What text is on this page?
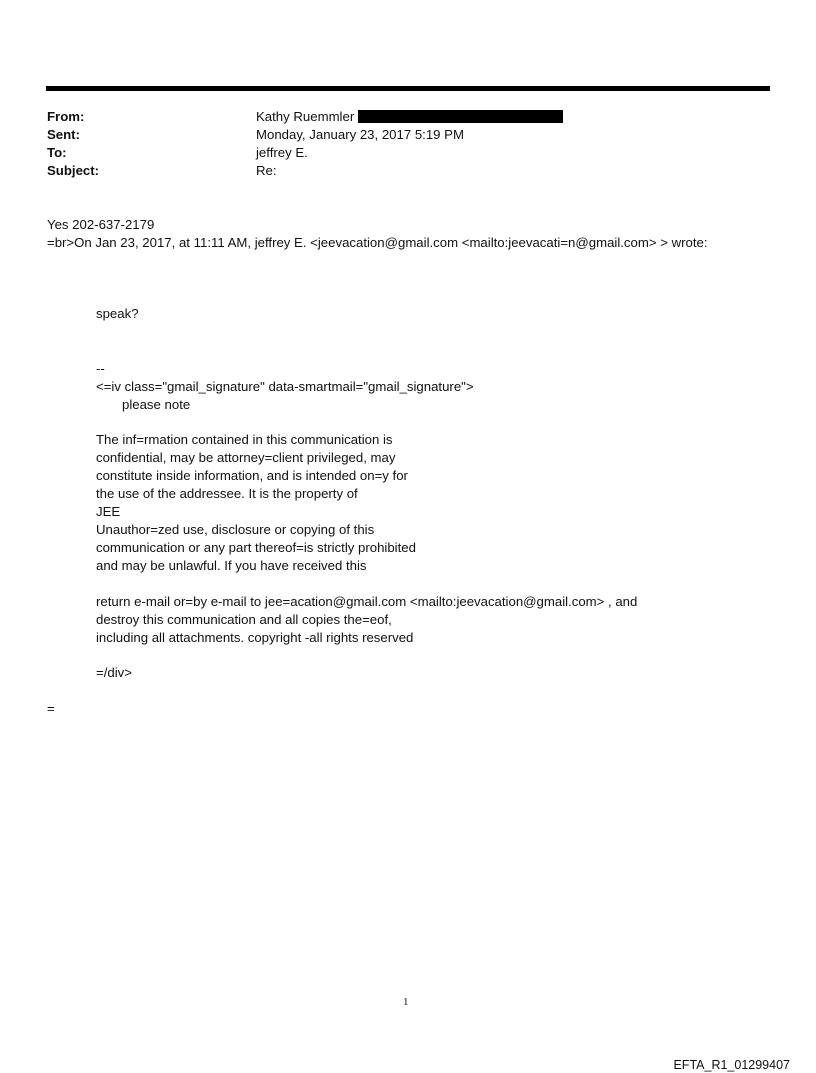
From:	Kathy Ruemmler
Sent:	Monday, January 23, 2017 5:19 PM
To:	jeffrey E.
Subject:	Re:
Yes 202-637-2179
=br>On Jan 23, 2017, at 11:11 AM, jeffrey E. <jeevacation@gmail.com <mailto:jeevacati=n@gmail.com> > wrote:
speak?
--
<=iv class="gmail_signature" data-smartmail="gmail_signature">
please note
The inf=rmation contained in this communication is
confidential, may be attorney=client privileged, may
constitute inside information, and is intended on=y for
the use of the addressee. It is the property of
JEE
Unauthor=zed use, disclosure or copying of this
communication or any part thereof=is strictly prohibited
and may be unlawful. If you have received this
return e-mail or=by e-mail to jee=acation@gmail.com <mailto:jeevacation@gmail.com> , and
destroy this communication and all copies the=eof,
including all attachments. copyright -all rights reserved
=/div>
=
1
EFTA_R1_01299407
